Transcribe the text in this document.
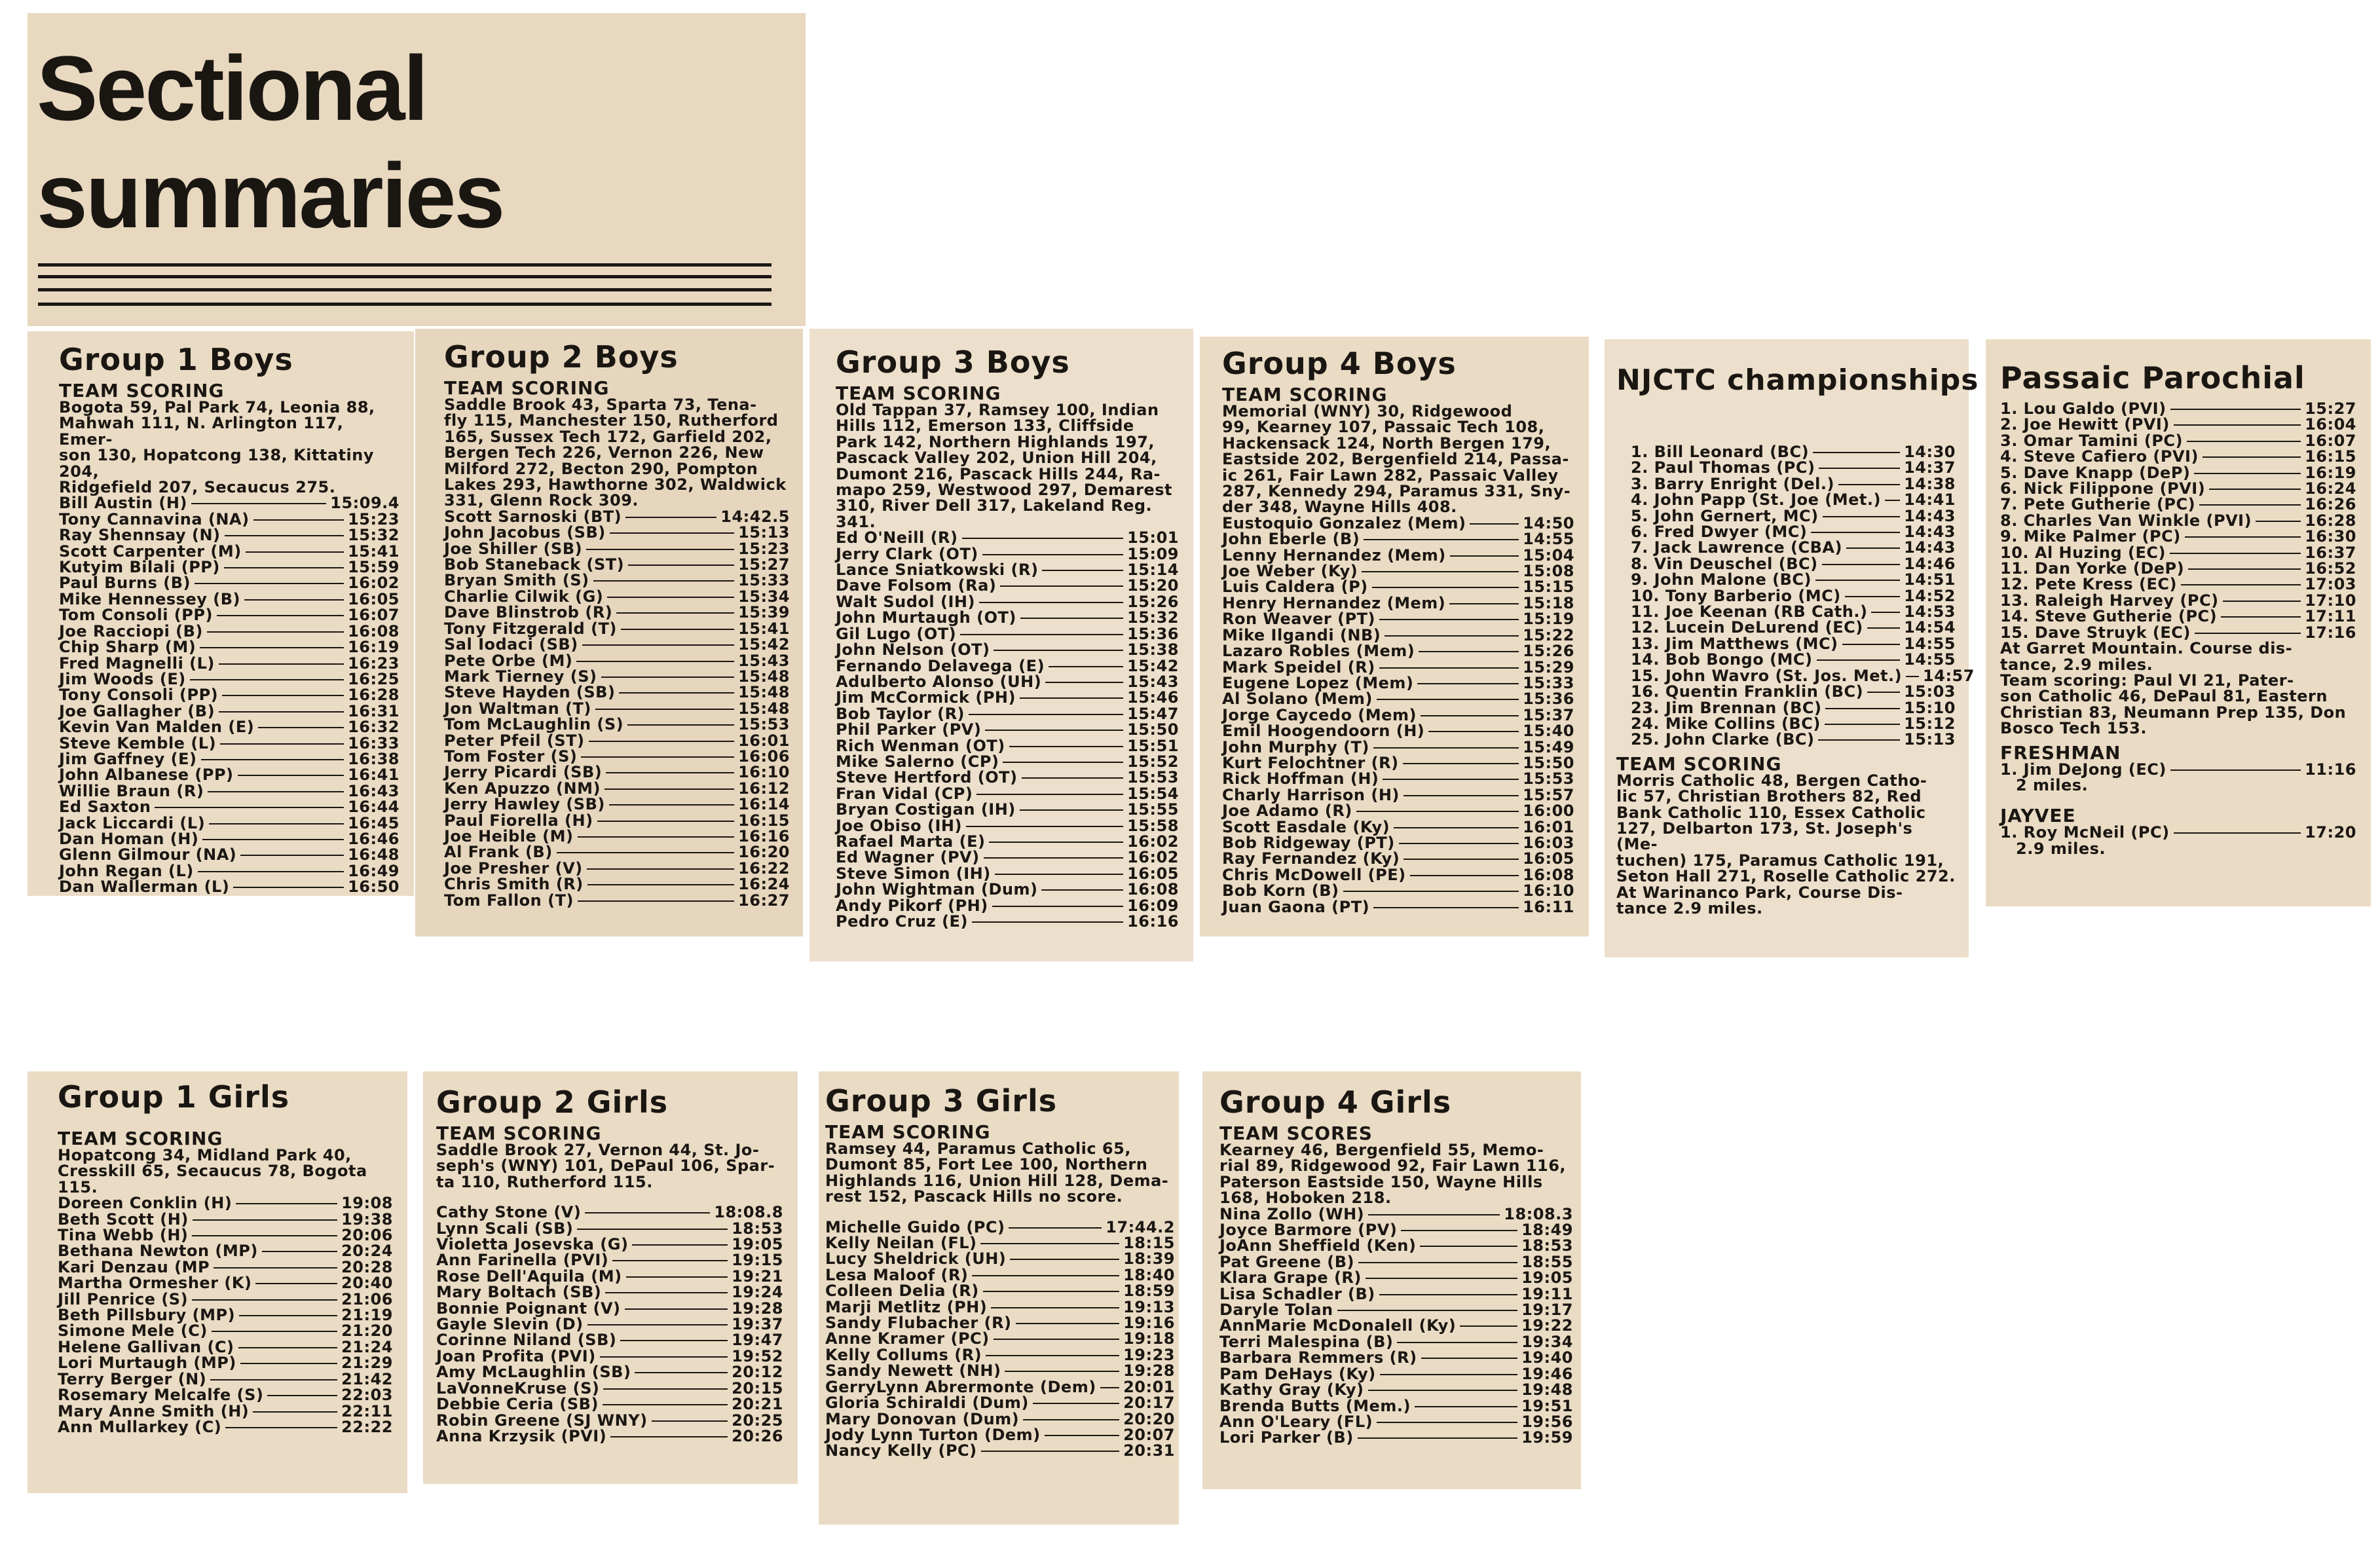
Sectional
summaries
Group 1 Boys
TEAM SCORING
Bogota 59, Pal Park 74, Leonia 88,
Mahwah 111, N. Arlington 117, Emer-
son 130, Hopatcong 138, Kittatiny 204,
Ridgefield 207, Secaucus 275.
Bill Austin (H)	15:09.4
Tony Cannavina (NA)	15:23
Ray Shennsay (N)	15:32
Scott Carpenter (M)	15:41
Kutyim Bilali (PP)	15:59
Paul Burns (B)	16:02
Mike Hennessey (B)	16:05
Tom Consoli (PP)	16:07
Joe Racciopi (B)	16:08
Chip Sharp (M)	16:19
Fred Magnelli (L)	16:23
Jim Woods (E)	16:25
Tony Consoli (PP)	16:28
Joe Gallagher (B)	16:31
Kevin Van Malden (E)	16:32
Steve Kemble (L)	16:33
Jim Gaffney (E)	16:38
John Albanese (PP)	16:41
Willie Braun (R)	16:43
Ed Saxton	16:44
Jack Liccardi (L)	16:45
Dan Homan (H)	16:46
Glenn Gilmour (NA)	16:48
John Regan (L)	16:49
Dan Wallerman (L)	16:50
Group 2 Boys
TEAM SCORING
Saddle Brook 43, Sparta 73, Tena-
fly 115, Manchester 150, Rutherford
165, Sussex Tech 172, Garfield 202,
Bergen Tech 226, Vernon 226, New
Milford 272, Becton 290, Pompton
Lakes 293, Hawthorne 302, Waldwick
331, Glenn Rock 309.
Scott Sarnoski (BT)	14:42.5
John Jacobus (SB)	15:13
Joe Shiller (SB)	15:23
Bob Staneback (ST)	15:27
Bryan Smith (S)	15:33
Charlie Cilwik (G)	15:34
Dave Blinstrob (R)	15:39
Tony Fitzgerald (T)	15:41
Sal Iodaci (SB)	15:42
Pete Orbe (M)	15:43
Mark Tierney (S)	15:48
Steve Hayden (SB)	15:48
Jon Waltman (T)	15:48
Tom McLaughlin (S)	15:53
Peter Pfeil (ST)	16:01
Tom Foster (S)	16:06
Jerry Picardi (SB)	16:10
Ken Apuzzo (NM)	16:12
Jerry Hawley (SB)	16:14
Paul Fiorella (H)	16:15
Joe Heible (M)	16:16
Al Frank (B)	16:20
Joe Presher (V)	16:22
Chris Smith (R)	16:24
Tom Fallon (T)	16:27
Group 3 Boys
TEAM SCORING
Old Tappan 37, Ramsey 100, Indian
Hills 112, Emerson 133, Cliffside
Park 142, Northern Highlands 197,
Pascack Valley 202, Union Hill 204,
Dumont 216, Pascack Hills 244, Ra-
mapo 259, Westwood 297, Demarest
310, River Dell 317, Lakeland Reg.
341.
Ed O'Neill (R)	15:01
Jerry Clark (OT)	15:09
Lance Sniatkowski (R)	15:14
Dave Folsom (Ra)	15:20
Walt Sudol (IH)	15:26
John Murtaugh (OT)	15:32
Gil Lugo (OT)	15:36
John Nelson (OT)	15:38
Fernando Delavega (E)	15:42
Adulberto Alonso (UH)	15:43
Jim McCormick (PH)	15:46
Bob Taylor (R)	15:47
Phil Parker (PV)	15:50
Rich Wenman (OT)	15:51
Mike Salerno (CP)	15:52
Steve Hertford (OT)	15:53
Fran Vidal (CP)	15:54
Bryan Costigan (IH)	15:55
Joe Obiso (IH)	15:58
Rafael Marta (E)	16:02
Ed Wagner (PV)	16:02
Steve Simon (IH)	16:05
John Wightman (Dum)	16:08
Andy Pikorf (PH)	16:09
Pedro Cruz (E)	16:16
Group 4 Boys
TEAM SCORING
Memorial (WNY) 30, Ridgewood
99, Kearney 107, Passaic Tech 108,
Hackensack 124, North Bergen 179,
Eastside 202, Bergenfield 214, Passa-
ic 261, Fair Lawn 282, Passaic Valley
287, Kennedy 294, Paramus 331, Sny-
der 348, Wayne Hills 408.
Eustoquio Gonzalez (Mem)	14:50
John Eberle (B)	14:55
Lenny Hernandez (Mem)	15:04
Joe Weber (Ky)	15:08
Luis Caldera (P)	15:15
Henry Hernandez (Mem)	15:18
Ron Weaver (PT)	15:19
Mike Ilgandi (NB)	15:22
Lazaro Robles (Mem)	15:26
Mark Speidel (R)	15:29
Eugene Lopez (Mem)	15:33
Al Solano (Mem)	15:36
Jorge Caycedo (Mem)	15:37
Emil Hoogendoorn (H)	15:40
John Murphy (T)	15:49
Kurt Felochtner (R)	15:50
Rick Hoffman (H)	15:53
Charly Harrison (H)	15:57
Joe Adamo (R)	16:00
Scott Easdale (Ky)	16:01
Bob Ridgeway (PT)	16:03
Ray Fernandez (Ky)	16:05
Chris McDowell (PE)	16:08
Bob Korn (B)	16:10
Juan Gaona (PT)	16:11
NJCTC championships
1. Bill Leonard (BC)	14:30
2. Paul Thomas (PC)	14:37
3. Barry Enright (Del.)	14:38
4. John Papp (St. Joe (Met.) 14:41
5. John Gernert, MC)	14:43
6. Fred Dwyer (MC)	14:43
7. Jack Lawrence (CBA)	14:43
8. Vin Deuschel (BC)	14:46
9. John Malone (BC)	14:51
10. Tony Barberio (MC)	14:52
11. Joe Keenan (RB Cath.) 14:53
12. Lucein DeLurend (EC)	14:54
13. Jim Matthews (MC)	14:55
14. Bob Bongo (MC)	14:55
15. John Wavro (St. Jos. Met.) 14:57
16. Quentin Franklin (BC)	15:03
23. Jim Brennan (BC)	15:10
24. Mike Collins (BC)	15:12
25. John Clarke (BC)	15:13
TEAM SCORING
Morris Catholic 48, Bergen Catho-
lic 57, Christian Brothers 82, Red
Bank Catholic 110, Essex Catholic
127, Delbarton 173, St. Joseph's (Me-
tuchen) 175, Paramus Catholic 191,
Seton Hall 271, Roselle Catholic 272.
At Warinanco Park, Course Dis-
tance 2.9 miles.
Passaic Parochial
1. Lou Galdo (PVI)	15:27
2. Joe Hewitt (PVI)	16:04
3. Omar Tamini (PC)	16:07
4. Steve Cafiero (PVI)	16:15
5. Dave Knapp (DeP)	16:19
6. Nick Filippone (PVI)	16:24
7. Pete Gutherie (PC)	16:26
8. Charles Van Winkle (PVI)	16:28
9. Mike Palmer (PC)	16:30
10. Al Huzing (EC)	16:37
11. Dan Yorke (DeP)	16:52
12. Pete Kress (EC)	17:03
13. Raleigh Harvey (PC)	17:10
14. Steve Gutherie (PC)	17:11
15. Dave Struyk (EC)	17:16
At Garret Mountain. Course dis-
tance, 2.9 miles.
Team scoring: Paul VI 21, Pater-
son Catholic 46, DePaul 81, Eastern
Christian 83, Neumann Prep 135, Don
Bosco Tech 153.
FRESHMAN
1. Jim DeJong (EC)	11:16
2 miles.
JAYVEE
1. Roy McNeil (PC)	17:20
2.9 miles.
Group 1 Girls
TEAM SCORING
Hopatcong 34, Midland Park 40,
Cresskill 65, Secaucus 78, Bogota 115.
Doreen Conklin (H)	19:08
Beth Scott (H)	19:38
Tina Webb (H)	20:06
Bethana Newton (MP)	20:24
Kari Denzau (MP	20:28
Martha Ormesher (K)	20:40
Jill Penrice (S)	21:06
Beth Pillsbury (MP)	21:19
Simone Mele (C)	21:20
Helene Gallivan (C)	21:24
Lori Murtaugh (MP)	21:29
Terry Berger (N)	21:42
Rosemary Melcalfe (S)	22:03
Mary Anne Smith (H)	22:11
Ann Mullarkey (C)	22:22
Group 2 Girls
TEAM SCORING
Saddle Brook 27, Vernon 44, St. Jo-
seph's (WNY) 101, DePaul 106, Spar-
ta 110, Rutherford 115.
Cathy Stone (V)	18:08.8
Lynn Scali (SB)	18:53
Violetta Josevska (G)	19:05
Ann Farinella (PVI)	19:15
Rose Dell'Aquila (M)	19:21
Mary Boltach (SB)	19:24
Bonnie Poignant (V)	19:28
Gayle Slevin (D)	19:37
Corinne Niland (SB)	19:47
Joan Profita (PVI)	19:52
Amy McLaughlin (SB)	20:12
LaVonneKruse (S)	20:15
Debbie Ceria (SB)	20:21
Robin Greene (SJ WNY)	20:25
Anna Krzysik (PVI)	20:26
Group 3 Girls
TEAM SCORING
Ramsey 44, Paramus Catholic 65,
Dumont 85, Fort Lee 100, Northern
Highlands 116, Union Hill 128, Dema-
rest 152, Pascack Hills no score.
Michelle Guido (PC)	17:44.2
Kelly Neilan (FL)	18:15
Lucy Sheldrick (UH)	18:39
Lesa Maloof (R)	18:40
Colleen Delia (R)	18:59
Marji Metlitz (PH)	19:13
Sandy Flubacher (R)	19:16
Anne Kramer (PC)	19:18
Kelly Collums (R)	19:23
Sandy Newett (NH)	19:28
GerryLynn Abrermonte (Dem) 20:01
Gloria Schiraldi (Dum)	20:17
Mary Donovan (Dum)	20:20
Jody Lynn Turton (Dem)	20:07
Nancy Kelly (PC)	20:31
Group 4 Girls
TEAM SCORES
Kearney 46, Bergenfield 55, Memo-
rial 89, Ridgewood 92, Fair Lawn 116,
Paterson Eastside 150, Wayne Hills
168, Hoboken 218.
Nina Zollo (WH)	18:08.3
Joyce Barmore (PV)	18:49
JoAnn Sheffield (Ken)	18:53
Pat Greene (B)	18:55
Klara Grape (R)	19:05
Lisa Schadler (B)	19:11
Daryle Tolan	19:17
AnnMarie McDonalell (Ky)	19:22
Terri Malespina (B)	19:34
Barbara Remmers (R)	19:40
Pam DeHays (Ky)	19:46
Kathy Gray (Ky)	19:48
Brenda Butts (Mem.)	19:51
Ann O'Leary (FL)	19:56
Lori Parker (B)	19:59
